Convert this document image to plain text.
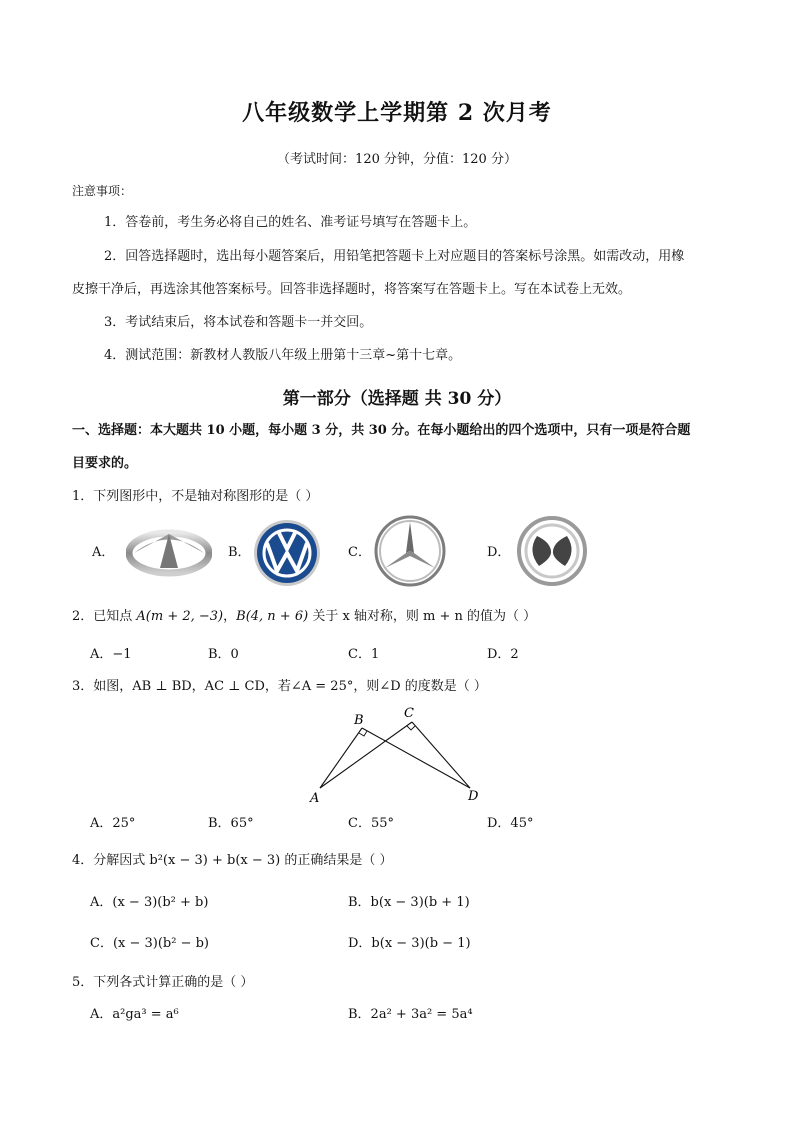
八年级数学上学期第 2 次月考
（考试时间：120 分钟，分值：120 分）
注意事项：
1．答卷前，考生务必将自己的姓名、准考证号填写在答题卡上。
2．回答选择题时，选出每小题答案后，用铅笔把答题卡上对应题目的答案标号涂黑。如需改动，用橡
皮擦干净后，再选涂其他答案标号。回答非选择题时，将答案写在答题卡上。写在本试卷上无效。
3．考试结束后，将本试卷和答题卡一并交回。
4．测试范围：新教材人教版八年级上册第十三章~第十七章。
第一部分（选择题 共 30 分）
一、选择题：本大题共 10 小题，每小题 3 分，共 30 分。在每小题给出的四个选项中，只有一项是符合题
目要求的。
1．下列图形中，不是轴对称图形的是（ ）
A．	B．	C．	D．
2．已知点 A(m + 2, −3)，B(4, n + 6) 关于 x 轴对称，则 m + n 的值为（ ）
A．−1	B．0	C．1	D．2
3．如图，AB ⊥ BD，AC ⊥ CD，若∠A = 25°，则∠D 的度数是（ ）
B	C
A	D
A．25°	B．65°	C．55°	D．45°
4．分解因式 b²(x − 3) + b(x − 3) 的正确结果是（ ）
A．(x − 3)(b² + b)	B．b(x − 3)(b + 1)
C．(x − 3)(b² − b)	D．b(x − 3)(b − 1)
5．下列各式计算正确的是（ ）
A．a²ga³ = a⁶	B．2a² + 3a² = 5a⁴
